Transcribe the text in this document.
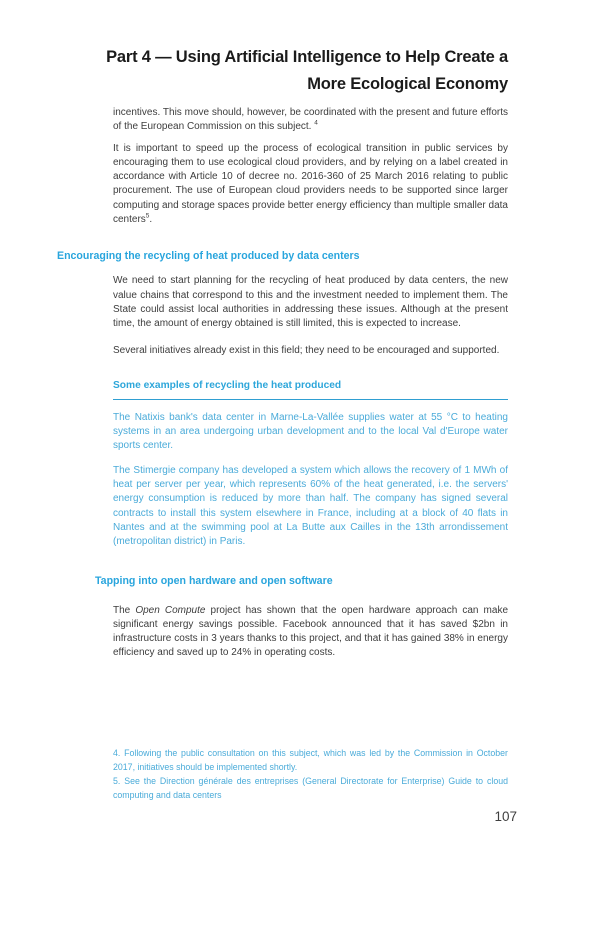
Part 4 — Using Artificial Intelligence to Help Create a
More Ecological Economy

incentives. This move should, however, be coordinated with the present and future efforts of the European Commission on this subject. $^4$

It is important to speed up the process of ecological transition in public services by encouraging them to use ecological cloud providers, and by relying on a label created in accordance with Article 10 of decree no. 2016-360 of 25 March 2016 relating to public procurement. The use of European cloud providers needs to be supported since larger computing and storage spaces provide better energy efficiency than multiple smaller data centers$^5$.

Encouraging the recycling of heat produced by data centers

We need to start planning for the recycling of heat produced by data centers, the new value chains that correspond to this and the investment needed to implement them. The State could assist local authorities in addressing these issues. Although at the present time, the amount of energy obtained is still limited, this is expected to increase.

Several initiatives already exist in this field; they need to be encouraged and supported.

Some examples of recycling the heat produced

The Natixis bank's data center in Marne-La-Vallée supplies water at 55 °C to heating systems in an area undergoing urban development and to the local Val d'Europe water sports center.

The Stimergie company has developed a system which allows the recovery of 1 MWh of heat per server per year, which represents 60% of the heat generated, i.e. the servers' energy consumption is reduced by more than half. The company has signed several contracts to install this system elsewhere in France, including at a block of 40 flats in Nantes and at the swimming pool at La Butte aux Cailles in the 13th arrondissement (metropolitan district) in Paris.

Tapping into open hardware and open software

The Open Compute project has shown that the open hardware approach can make significant energy savings possible. Facebook announced that it has saved $2bn in infrastructure costs in 3 years thanks to this project, and that it has gained 38% in energy efficiency and saved up to 24% in operating costs.

4. Following the public consultation on this subject, which was led by the Commission in October 2017, initiatives should be implemented shortly.

5. See the Direction générale des entreprises (General Directorate for Enterprise) Guide to cloud computing and data centers

107
